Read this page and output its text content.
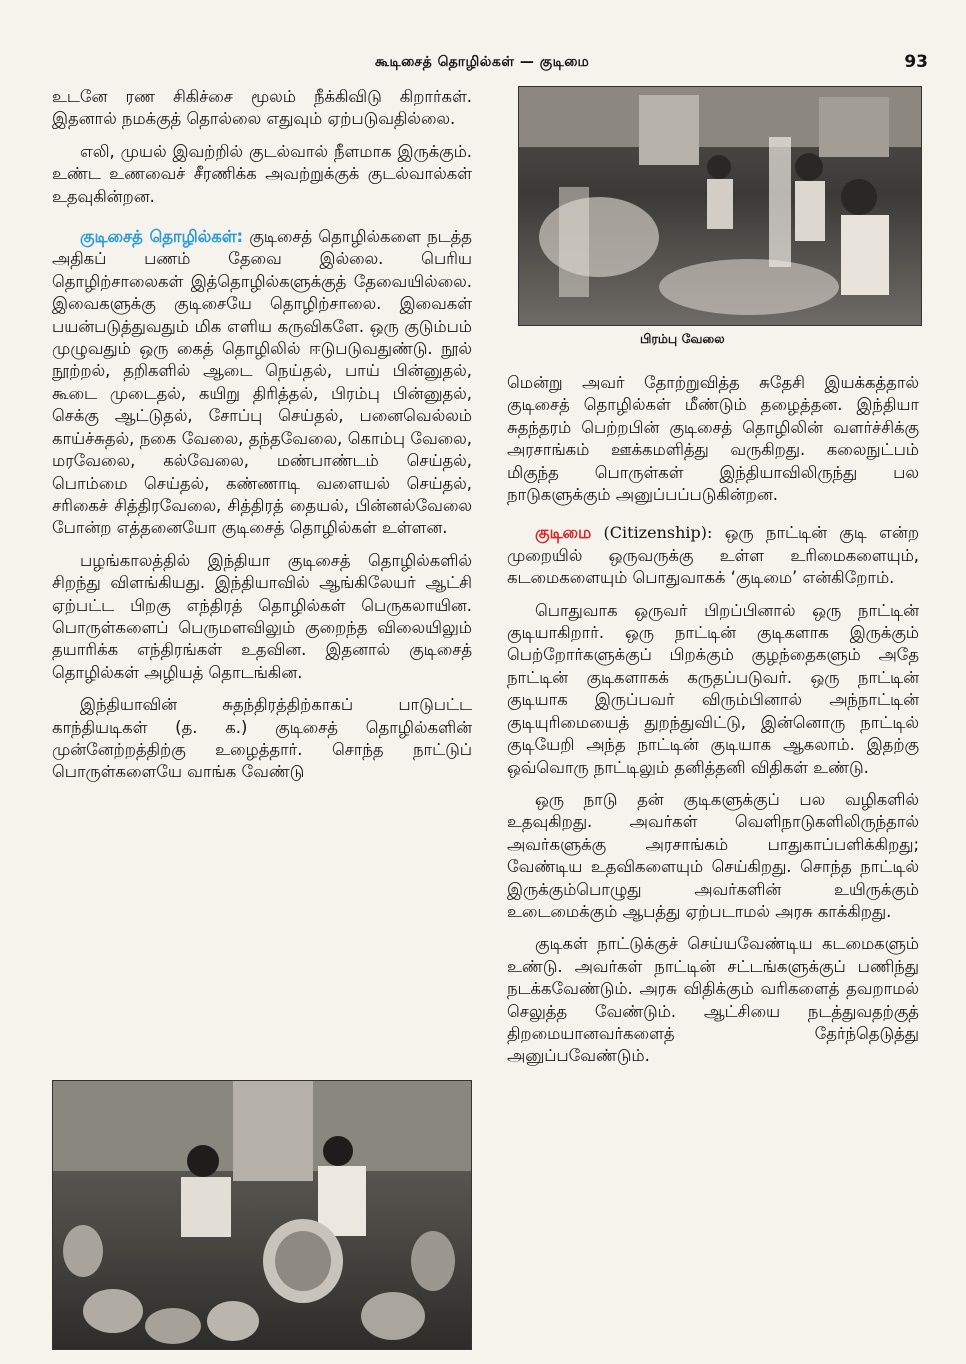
கூடிசைத் தொழில்கள் — குடிமை	93

உடனே ரண சிகிச்சை மூலம் நீக்கிவிடு கிறார்கள். இதனால் நமக்குத் தொல்லை எதுவும் ஏற்படுவதில்லை.

எலி, முயல் இவற்றில் குடல்வால் நீளமாக இருக்கும். உண்ட உணவைச் சீரணிக்க அவற்றுக்குக் குடல்வால்கள் உதவுகின்றன.

குடிசைத் தொழில்கள்: குடிசைத் தொழில்களை நடத்த அதிகப் பணம் தேவை இல்லை. பெரிய தொழிற்சாலைகள் இத்தொழில்களுக்குத் தேவையில்லை. இவைகளுக்கு குடிசையே தொழிற்சாலை. இவைகள் பயன்படுத்துவதும் மிக எளிய கருவிகளே. ஒரு குடும்பம் முழுவதும் ஒரு கைத் தொழிலில் ஈடுபடுவதுண்டு. நூல் நூற்றல், தறிகளில் ஆடை நெய்தல், பாய் பின்னுதல், கூடை முடைதல், கயிறு திரித்தல், பிரம்பு பின்னுதல், செக்கு ஆட்டுதல், சோப்பு செய்தல், பனைவெல்லம் காய்ச்சுதல், நகை வேலை, தந்தவேலை, கொம்பு வேலை, மரவேலை, கல்வேலை, மண்பாண்டம் செய்தல், பொம்மை செய்தல், கண்ணாடி வளையல் செய்தல், சரிகைச் சித்திரவேலை, சித்திரத் தையல், பின்னல்வேலை போன்ற எத்தனையோ குடிசைத் தொழில்கள் உள்ளன.

பழங்காலத்தில் இந்தியா குடிசைத் தொழில்களில் சிறந்து விளங்கியது. இந்தியாவில் ஆங்கிலேயர் ஆட்சி ஏற்பட்ட பிறகு எந்திரத் தொழில்கள் பெருகலாயின. பொருள்களைப் பெருமளவிலும் குறைந்த விலையிலும் தயாரிக்க எந்திரங்கள் உதவின. இதனால் குடிசைத் தொழில்கள் அழியத் தொடங்கின.

இந்தியாவின் சுதந்திரத்திற்காகப் பாடுபட்ட காந்தியடிகள் (த. க.) குடிசைத் தொழில்களின் முன்னேற்றத்திற்கு உழைத்தார். சொந்த நாட்டுப் பொருள்களையே வாங்க வேண்டு

பிரம்பு வேலை

மென்று அவர் தோற்றுவித்த சுதேசி இயக்கத்தால் குடிசைத் தொழில்கள் மீண்டும் தழைத்தன. இந்தியா சுதந்தரம் பெற்றபின் குடிசைத் தொழிலின் வளர்ச்சிக்கு அரசாங்கம் ஊக்கமளித்து வருகிறது. கலைநுட்பம் மிகுந்த பொருள்கள் இந்தியாவிலிருந்து பல நாடுகளுக்கும் அனுப்பப்படுகின்றன.

குடிமை (Citizenship): ஒரு நாட்டின் குடி என்ற முறையில் ஒருவருக்கு உள்ள உரிமைகளையும், கடமைகளையும் பொதுவாகக் ‘குடிமை’ என்கிறோம்.

பொதுவாக ஒருவர் பிறப்பினால் ஒரு நாட்டின் குடியாகிறார். ஒரு நாட்டின் குடிகளாக இருக்கும் பெற்றோர்களுக்குப் பிறக்கும் குழந்தைகளும் அதே நாட்டின் குடிகளாகக் கருதப்படுவர். ஒரு நாட்டின் குடியாக இருப்பவர் விரும்பினால் அந்நாட்டின் குடியுரிமையைத் துறந்துவிட்டு, இன்னொரு நாட்டில் குடியேறி அந்த நாட்டின் குடியாக ஆகலாம். இதற்கு ஒவ்வொரு நாட்டிலும் தனித்தனி விதிகள் உண்டு.

ஒரு நாடு தன் குடிகளுக்குப் பல வழிகளில் உதவுகிறது. அவர்கள் வெளிநாடுகளிலிருந்தால் அவர்களுக்கு அரசாங்கம் பாதுகாப்பளிக்கிறது; வேண்டிய உதவிகளையும் செய்கிறது. சொந்த நாட்டில் இருக்கும்பொழுது அவர்களின் உயிருக்கும் உடைமைக்கும் ஆபத்து ஏற்படாமல் அரசு காக்கிறது.

குடிகள் நாட்டுக்குச் செய்யவேண்டிய கடமைகளும் உண்டு. அவர்கள் நாட்டின் சட்டங்களுக்குப் பணிந்து நடக்கவேண்டும். அரசு விதிக்கும் வரிகளைத் தவறாமல் செலுத்த வேண்டும். ஆட்சியை நடத்துவதற்குத் திறமையானவர்களைத் தேர்ந்தெடுத்து அனுப்பவேண்டும்.
